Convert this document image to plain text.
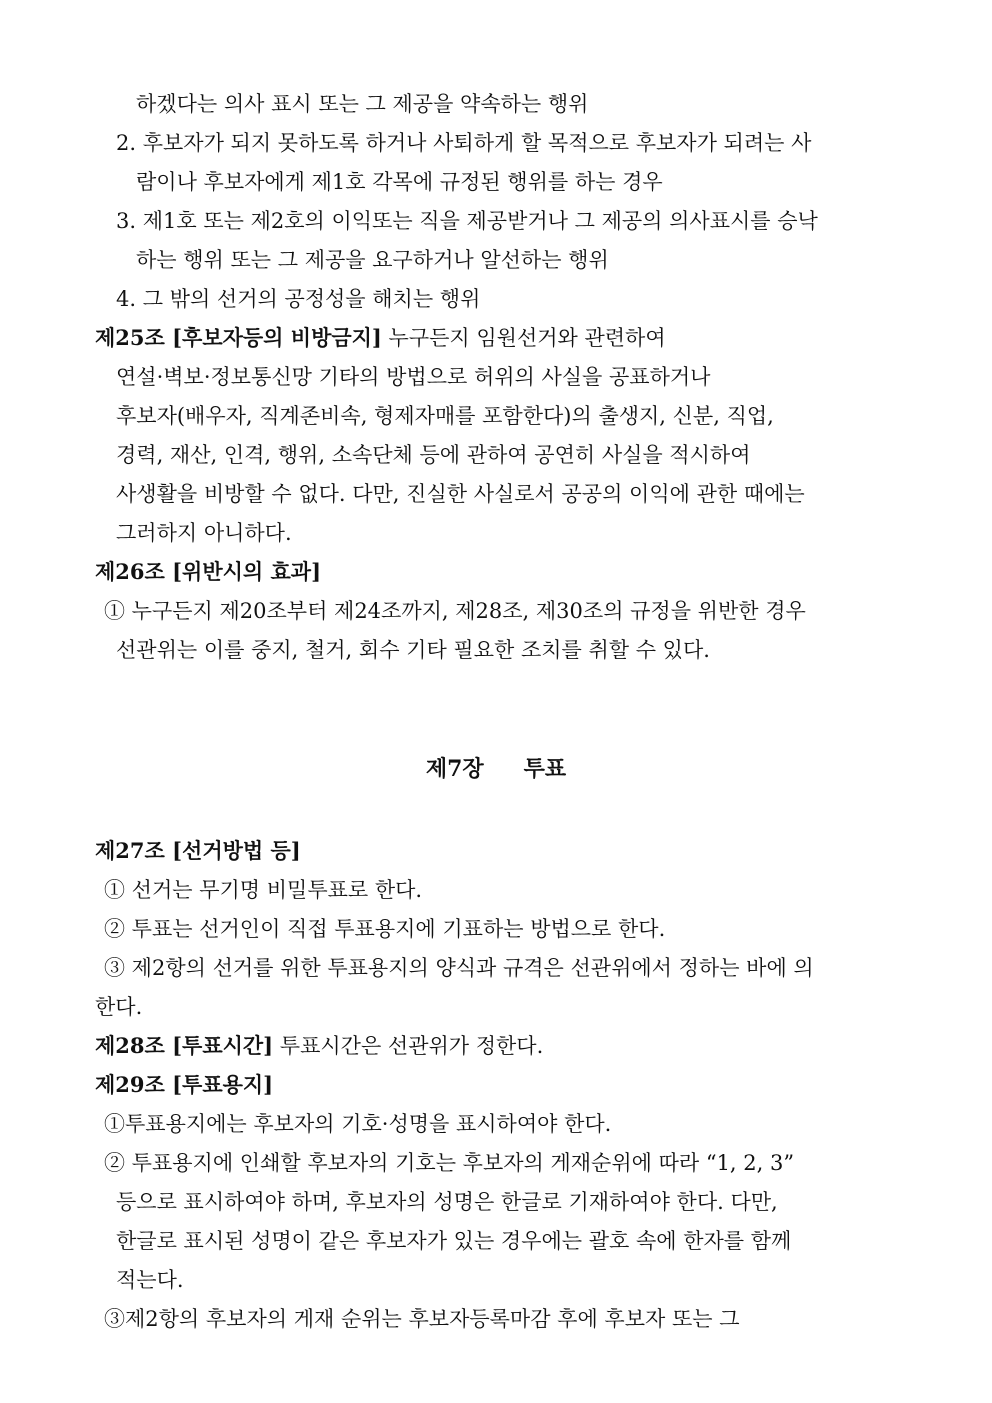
하겠다는 의사 표시 또는 그 제공을 약속하는 행위
2. 후보자가 되지 못하도록 하거나 사퇴하게 할 목적으로 후보자가 되려는 사
람이나 후보자에게 제1호 각목에 규정된 행위를 하는 경우
3. 제1호 또는 제2호의 이익또는 직을 제공받거나 그 제공의 의사표시를 승낙
하는 행위 또는 그 제공을 요구하거나 알선하는 행위
4. 그 밖의 선거의 공정성을 해치는 행위
제25조 [후보자등의 비방금지] 누구든지 임원선거와 관련하여
연설·벽보·정보통신망 기타의 방법으로 허위의 사실을 공표하거나
후보자(배우자, 직계존비속, 형제자매를 포함한다)의 출생지, 신분, 직업,
경력, 재산, 인격, 행위, 소속단체 등에 관하여 공연히 사실을 적시하여
사생활을 비방할 수 없다. 다만, 진실한 사실로서 공공의 이익에 관한 때에는
그러하지 아니하다.
제26조 [위반시의 효과]
① 누구든지 제20조부터 제24조까지, 제28조, 제30조의 규정을 위반한 경우
선관위는 이를 중지, 철거, 회수 기타 필요한 조치를 취할 수 있다.
제7장 투표
제27조 [선거방법 등]
① 선거는 무기명 비밀투표로 한다.
② 투표는 선거인이 직접 투표용지에 기표하는 방법으로 한다.
③ 제2항의 선거를 위한 투표용지의 양식과 규격은 선관위에서 정하는 바에 의
한다.
제28조 [투표시간] 투표시간은 선관위가 정한다.
제29조 [투표용지]
①투표용지에는 후보자의 기호·성명을 표시하여야 한다.
② 투표용지에 인쇄할 후보자의 기호는 후보자의 게재순위에 따라 “1, 2, 3”
등으로 표시하여야 하며, 후보자의 성명은 한글로 기재하여야 한다. 다만,
한글로 표시된 성명이 같은 후보자가 있는 경우에는 괄호 속에 한자를 함께
적는다.
③제2항의 후보자의 게재 순위는 후보자등록마감 후에 후보자 또는 그
